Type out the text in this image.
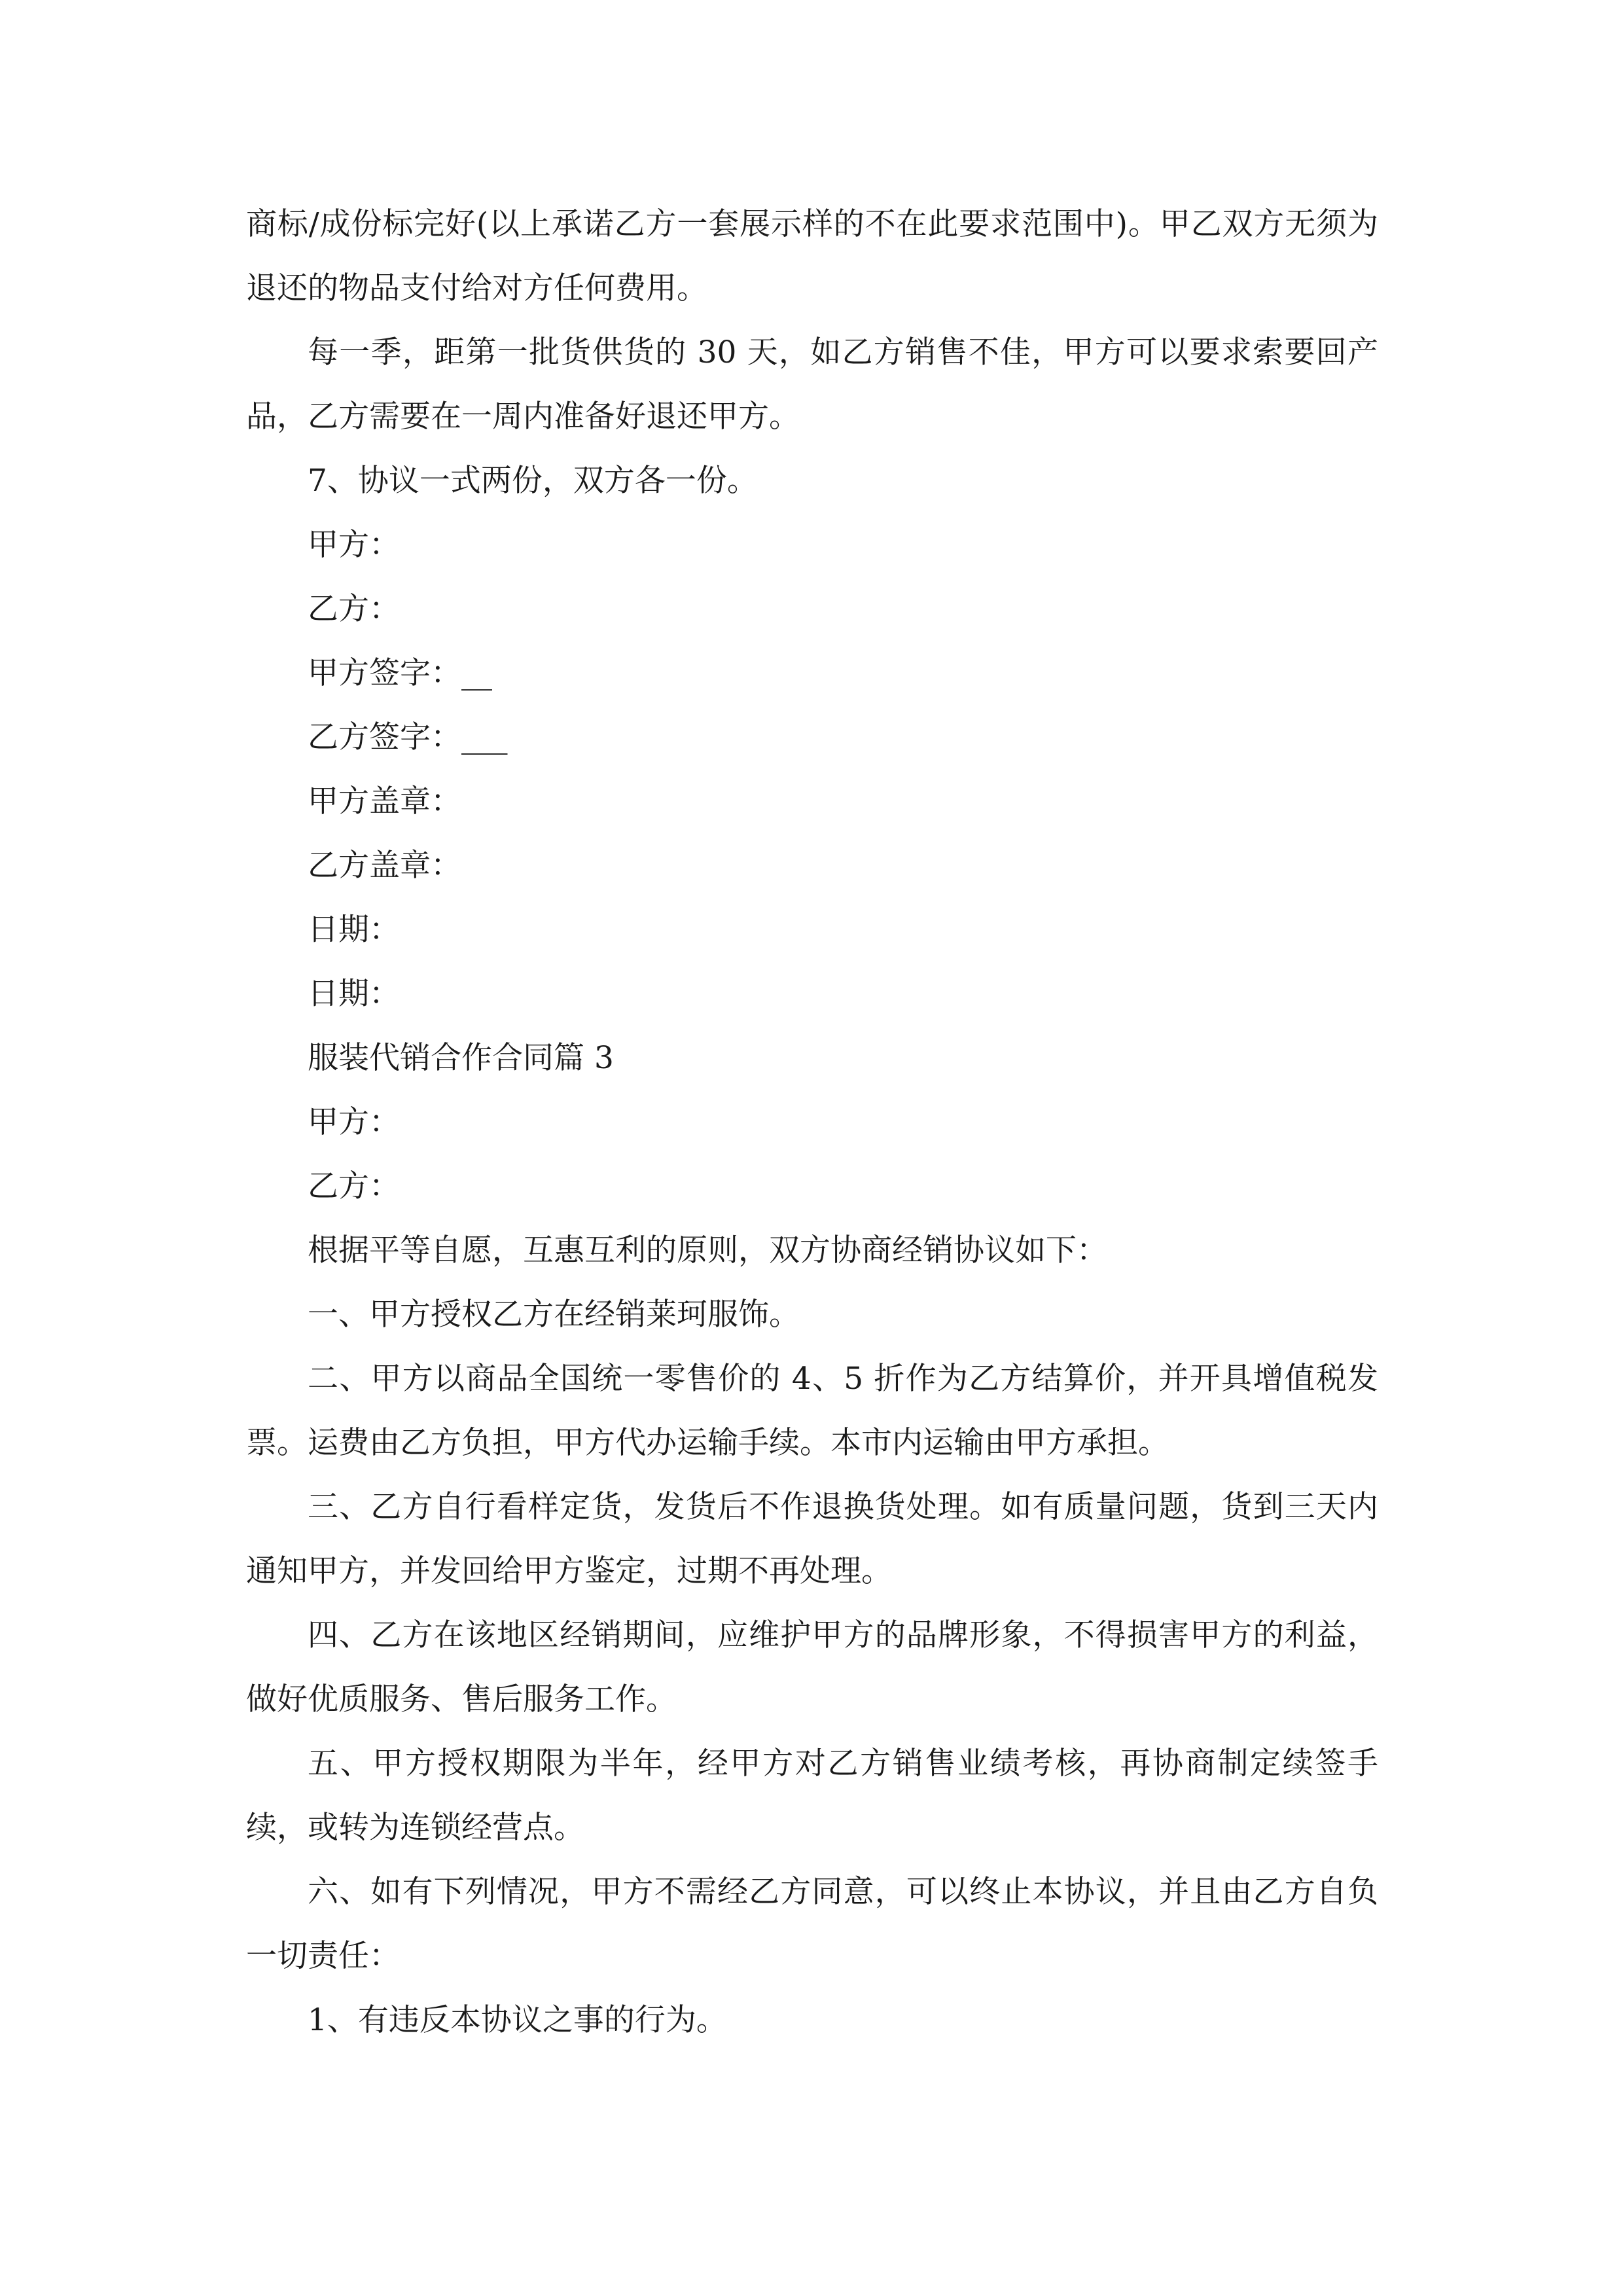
商标/成份标完好(以上承诺乙方一套展示样的不在此要求范围中)。甲乙双方无须为退还的物品支付给对方任何费用。

每一季，距第一批货供货的 30 天，如乙方销售不佳，甲方可以要求索要回产品，乙方需要在一周内准备好退还甲方。

7、协议一式两份，双方各一份。

甲方：

乙方：

甲方签字：__

乙方签字：___

甲方盖章：

乙方盖章：

日期：

日期：

服装代销合作合同篇 3

甲方：

乙方：

根据平等自愿，互惠互利的原则，双方协商经销协议如下：

一、甲方授权乙方在经销莱珂服饰。

二、甲方以商品全国统一零售价的 4、5 折作为乙方结算价，并开具增值税发票。运费由乙方负担，甲方代办运输手续。本市内运输由甲方承担。

三、乙方自行看样定货，发货后不作退换货处理。如有质量问题，货到三天内通知甲方，并发回给甲方鉴定，过期不再处理。

四、乙方在该地区经销期间，应维护甲方的品牌形象，不得损害甲方的利益，做好优质服务、售后服务工作。

五、甲方授权期限为半年，经甲方对乙方销售业绩考核，再协商制定续签手续，或转为连锁经营点。

六、如有下列情况，甲方不需经乙方同意，可以终止本协议，并且由乙方自负一切责任：

1、有违反本协议之事的行为。
